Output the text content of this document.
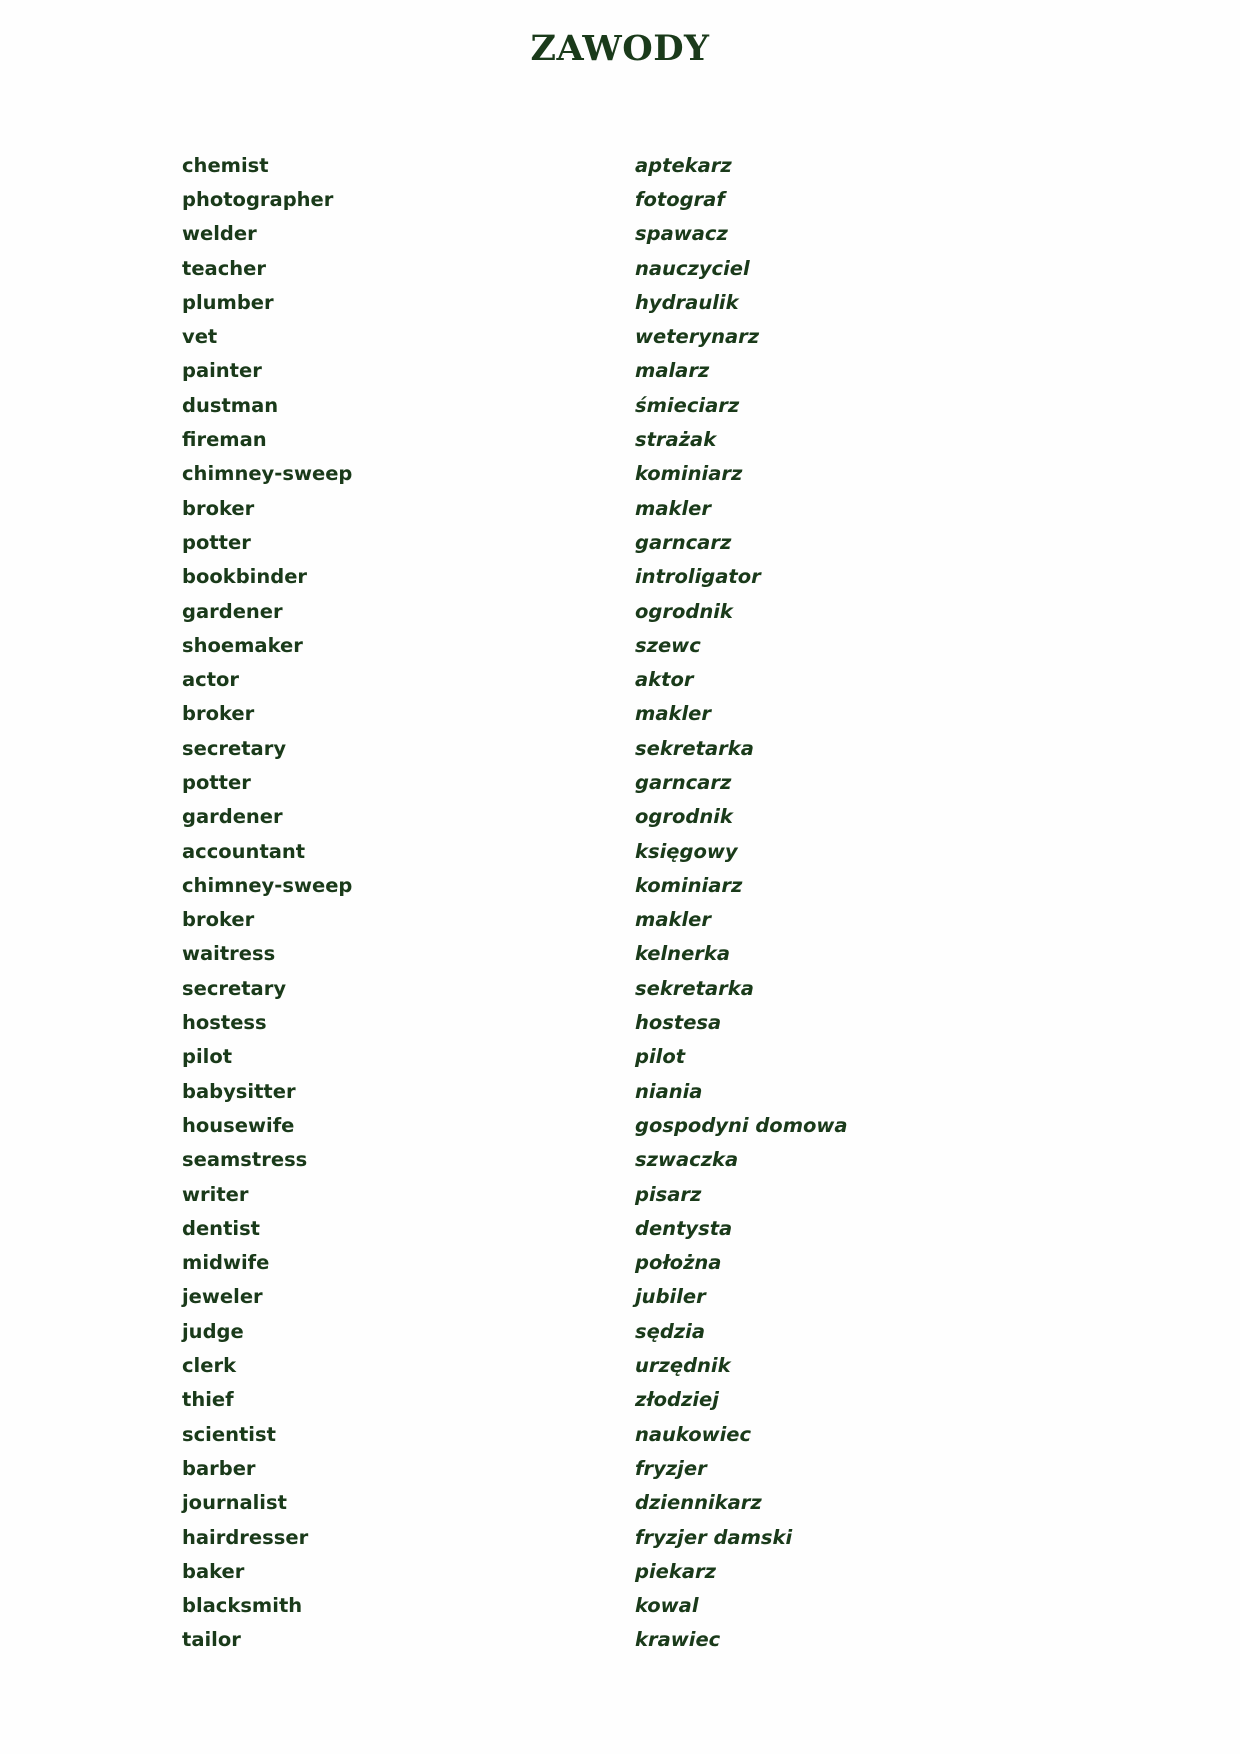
ZAWODY
chemist	aptekarz
photographer	fotograf
welder	spawacz
teacher	nauczyciel
plumber	hydraulik
vet	weterynarz
painter	malarz
dustman	śmieciarz
fireman	strażak
chimney-sweep	kominiarz
broker	makler
potter	garncarz
bookbinder	introligator
gardener	ogrodnik
shoemaker	szewc
actor	aktor
broker	makler
secretary	sekretarka
potter	garncarz
gardener	ogrodnik
accountant	księgowy
chimney-sweep	kominiarz
broker	makler
waitress	kelnerka
secretary	sekretarka
hostess	hostesa
pilot	pilot
babysitter	niania
housewife	gospodyni domowa
seamstress	szwaczka
writer	pisarz
dentist	dentysta
midwife	położna
jeweler	jubiler
judge	sędzia
clerk	urzędnik
thief	złodziej
scientist	naukowiec
barber	fryzjer
journalist	dziennikarz
hairdresser	fryzjer damski
baker	piekarz
blacksmith	kowal
tailor	krawiec
